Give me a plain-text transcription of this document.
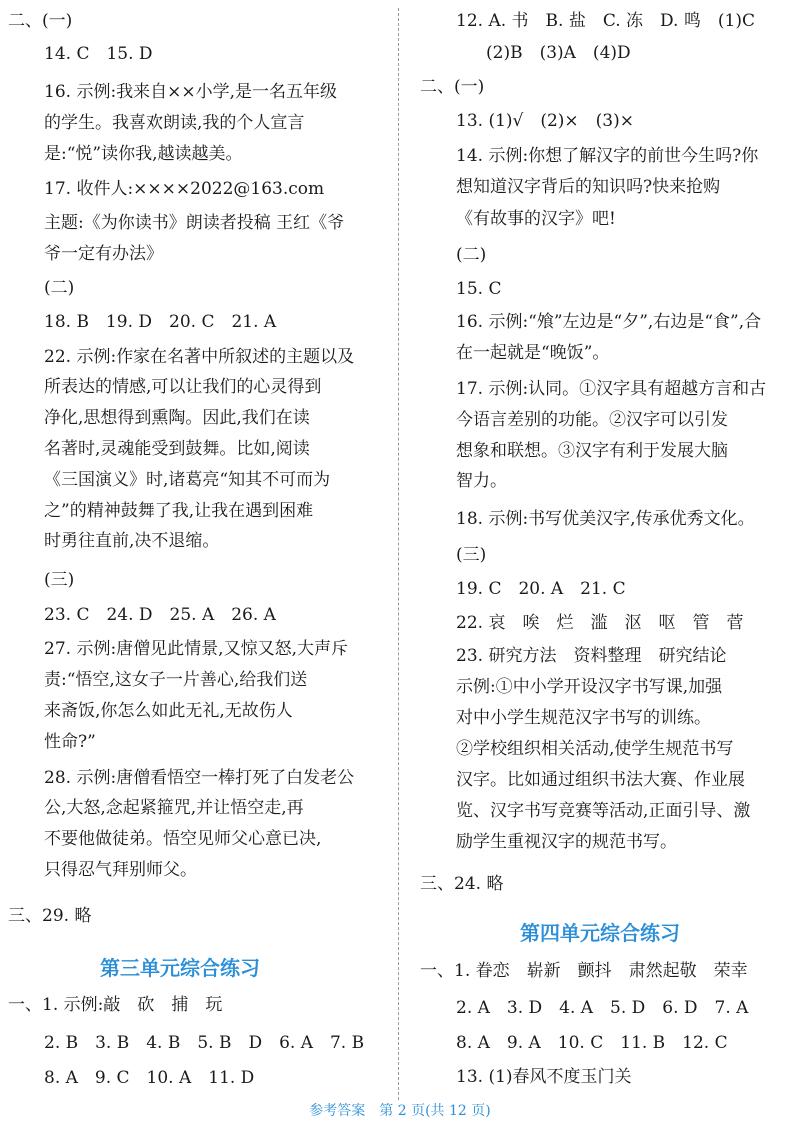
二、(一)
14. C　15. D
16. 示例:我来自××小学,是一名五年级
的学生。我喜欢朗读,我的个人宣言
是:“悦”读你我,越读越美。
17. 收件人:××××2022@163.com
主题:《为你读书》朗读者投稿 王红《爷
爷一定有办法》
(二)
18. B　19. D　20. C　21. A
22. 示例:作家在名著中所叙述的主题以及
所表达的情感,可以让我们的心灵得到
净化,思想得到熏陶。因此,我们在读
名著时,灵魂能受到鼓舞。比如,阅读
《三国演义》时,诸葛亮“知其不可而为
之”的精神鼓舞了我,让我在遇到困难
时勇往直前,决不退缩。
(三)
23. C　24. D　25. A　26. A
27. 示例:唐僧见此情景,又惊又怒,大声斥
责:“悟空,这女子一片善心,给我们送
来斋饭,你怎么如此无礼,无故伤人
性命?”
28. 示例:唐僧看悟空一棒打死了白发老公
公,大怒,念起紧箍咒,并让悟空走,再
不要他做徒弟。悟空见师父心意已决,
只得忍气拜别师父。
三、29. 略
第三单元综合练习
一、1. 示例:敲　砍　捕　玩
2. B　3. B　4. B　5. B　D　6. A　7. B
8. A　9. C　10. A　11. D
12. A. 书　B. 盐　C. 冻　D. 鸣　(1)C
(2)B　(3)A　(4)D
二、(一)
13. (1)√　(2)×　(3)×
14. 示例:你想了解汉字的前世今生吗?你
想知道汉字背后的知识吗?快来抢购
《有故事的汉字》吧!
(二)
15. C
16. 示例:“飧”左边是“夕”,右边是“食”,合
在一起就是“晚饭”。
17. 示例:认同。①汉字具有超越方言和古
今语言差别的功能。②汉字可以引发
想象和联想。③汉字有利于发展大脑
智力。
18. 示例:书写优美汉字,传承优秀文化。
(三)
19. C　20. A　21. C
22. 哀　唉　烂　滥　沤　呕　管　菅
23. 研究方法　资料整理　研究结论
示例:①中小学开设汉字书写课,加强
对中小学生规范汉字书写的训练。
②学校组织相关活动,使学生规范书写
汉字。比如通过组织书法大赛、作业展
览、汉字书写竞赛等活动,正面引导、激
励学生重视汉字的规范书写。
三、24. 略
第四单元综合练习
一、1. 眷恋　崭新　颤抖　肃然起敬　荣幸
2. A　3. D　4. A　5. D　6. D　7. A
8. A　9. A　10. C　11. B　12. C
13. (1)春风不度玉门关
参考答案　第 2 页(共 12 页)
